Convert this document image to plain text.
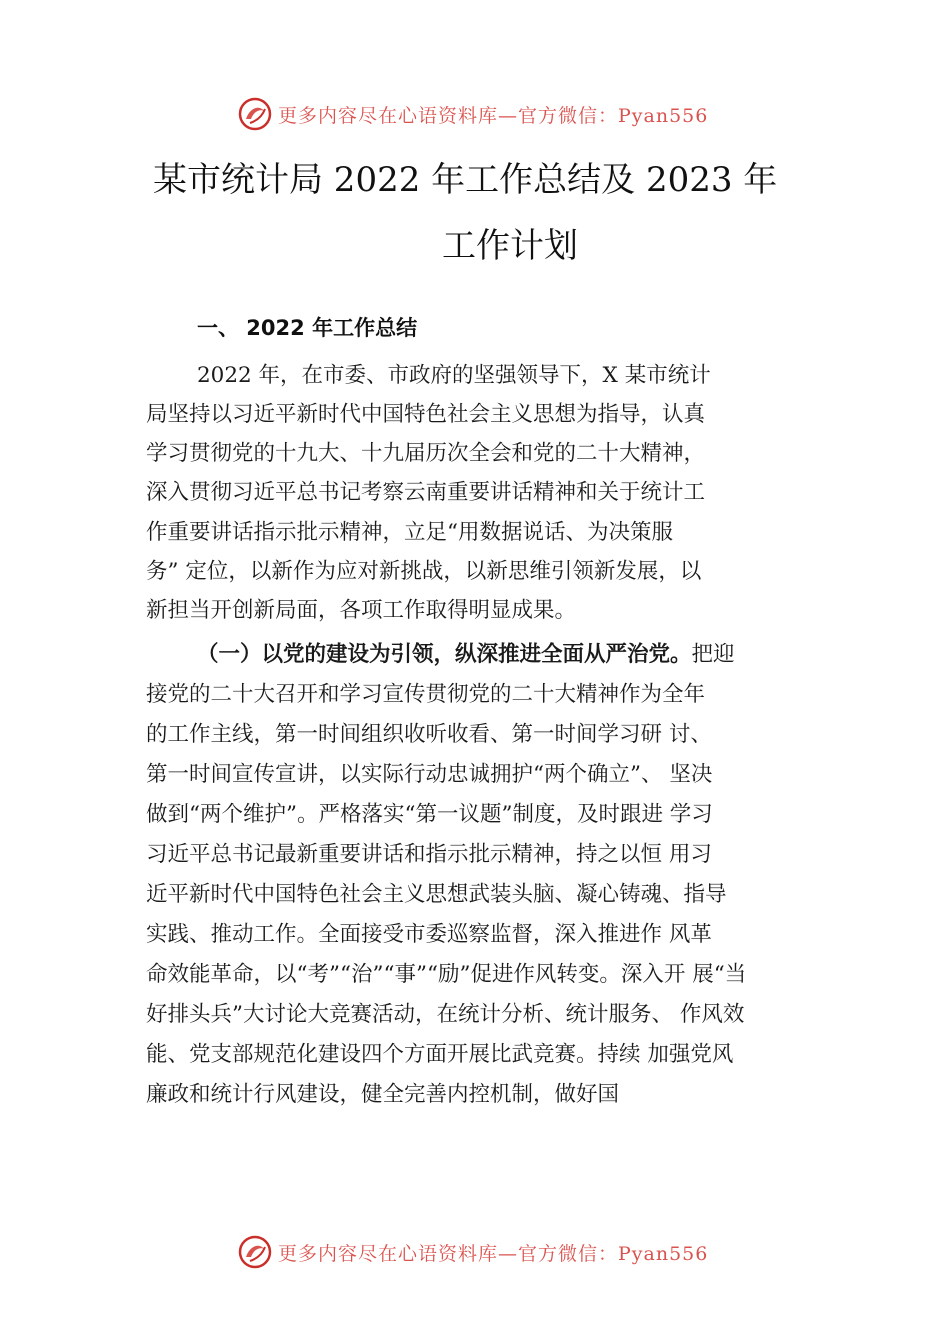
更多内容尽在心语资料库—官方微信：Pyan556
某市统计局 2022 年工作总结及 2023 年
工作计划
一、 2022 年工作总结
2022 年，在市委、市政府的坚强领导下，X 某市统计
局坚持以习近平新时代中国特色社会主义思想为指导，认真
学习贯彻党的十九大、十九届历次全会和党的二十大精神，
深入贯彻习近平总书记考察云南重要讲话精神和关于统计工
作重要讲话指示批示精神，立足“用数据说话、为决策服
务” 定位，以新作为应对新挑战，以新思维引领新发展，以
新担当开创新局面，各项工作取得明显成果。
（一）以党的建设为引领，纵深推进全面从严治党。把迎
接党的二十大召开和学习宣传贯彻党的二十大精神作为全年
的工作主线，第一时间组织收听收看、第一时间学习研 讨、
第一时间宣传宣讲，以实际行动忠诚拥护“两个确立”、 坚决
做到“两个维护”。严格落实“第一议题”制度，及时跟进 学习
习近平总书记最新重要讲话和指示批示精神，持之以恒 用习
近平新时代中国特色社会主义思想武装头脑、凝心铸魂、指导
实践、推动工作。全面接受市委巡察监督，深入推进作 风革
命效能革命，以“考”“治”“事”“励”促进作风转变。深入开 展“当
好排头兵”大讨论大竞赛活动，在统计分析、统计服务、 作风效
能、党支部规范化建设四个方面开展比武竞赛。持续 加强党风
廉政和统计行风建设，健全完善内控机制，做好国
更多内容尽在心语资料库—官方微信：Pyan556
